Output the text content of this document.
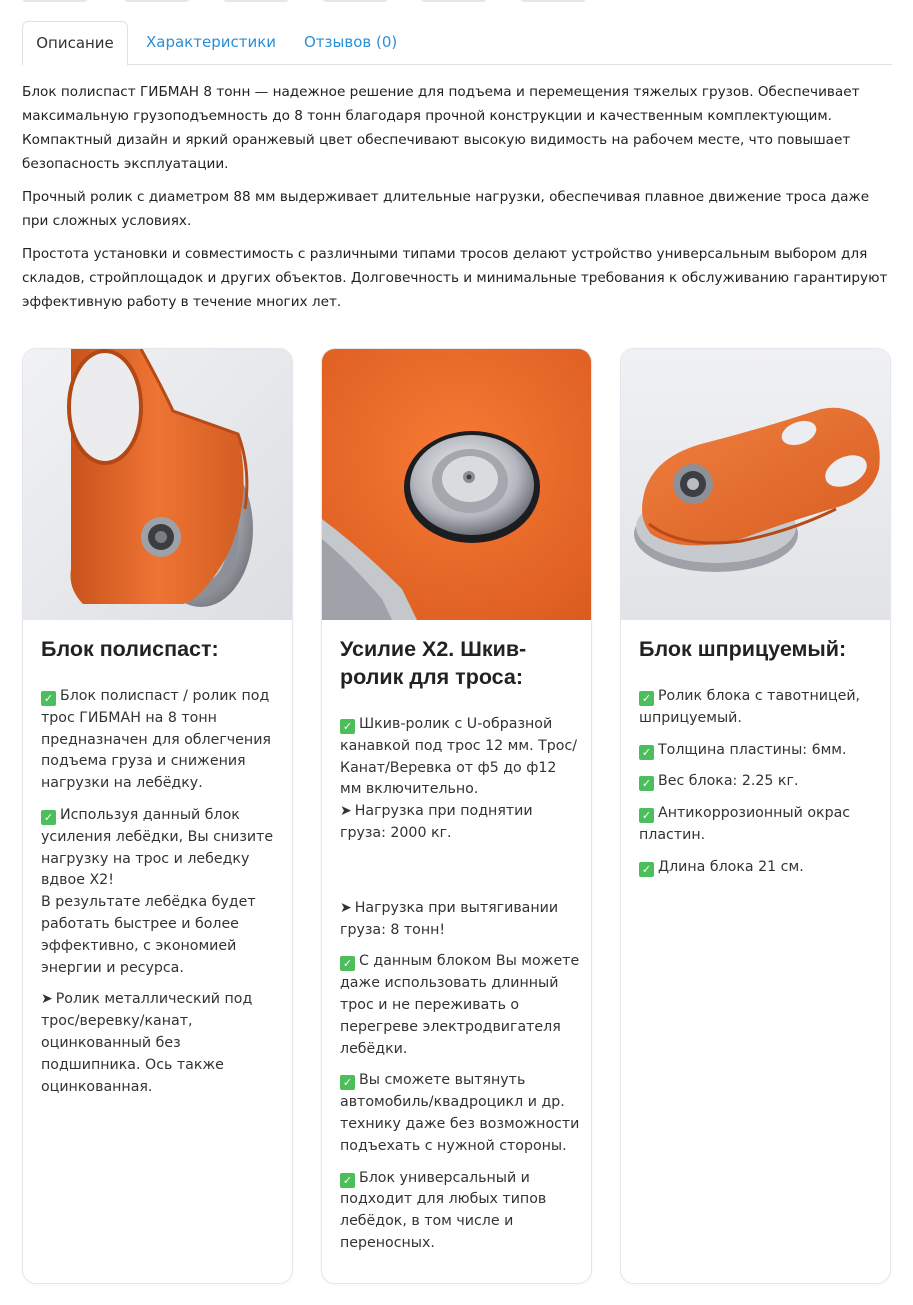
Описание	Характеристики	Отзывов (0)

Блок полиспаст ГИБМАН 8 тонн — надежное решение для подъема и перемещения тяжелых грузов. Обеспечивает максимальную грузоподъемность до 8 тонн благодаря прочной конструкции и качественным комплектующим. Компактный дизайн и яркий оранжевый цвет обеспечивают высокую видимость на рабочем месте, что повышает безопасность эксплуатации.

Прочный ролик с диаметром 88 мм выдерживает длительные нагрузки, обеспечивая плавное движение троса даже при сложных условиях.

Простота установки и совместимость с различными типами тросов делают устройство универсальным выбором для складов, стройплощадок и других объектов. Долговечность и минимальные требования к обслуживанию гарантируют эффективную работу в течение многих лет.

Блок полиспаст:

✓ Блок полиспаст / ролик под трос ГИБМАН на 8 тонн предназначен для облегчения подъема груза и снижения нагрузки на лебёдку.

✓ Используя данный блок усиления лебёдки, Вы снизите нагрузку на трос и лебедку вдвое Х2!
В результате лебёдка будет работать быстрее и более эффективно, с экономией энергии и ресурса.

➤ Ролик металлический под трос/веревку/канат, оцинкованный без подшипника. Ось также оцинкованная.

Усилие Х2. Шкив-ролик для троса:

✓ Шкив-ролик с U-образной канавкой под трос 12 мм. Трос/Канат/Веревка от ф5 до ф12 мм включительно.
➤ Нагрузка при поднятии груза: 2000 кг.

➤ Нагрузка при вытягивании груза: 8 тонн!

✓ С данным блоком Вы можете даже использовать длинный трос и не переживать о перегреве электродвигателя лебёдки.

✓ Вы сможете вытянуть автомобиль/квадроцикл и др. технику даже без возможности подъехать с нужной стороны.

✓ Блок универсальный и подходит для любых типов лебёдок, в том числе и переносных.

Блок шприцуемый:

✓ Ролик блока с тавотницей, шприцуемый.

✓ Толщина пластины: 6мм.

✓ Вес блока: 2.25 кг.

✓ Антикоррозионный окрас пластин.

✓ Длина блока 21 см.
